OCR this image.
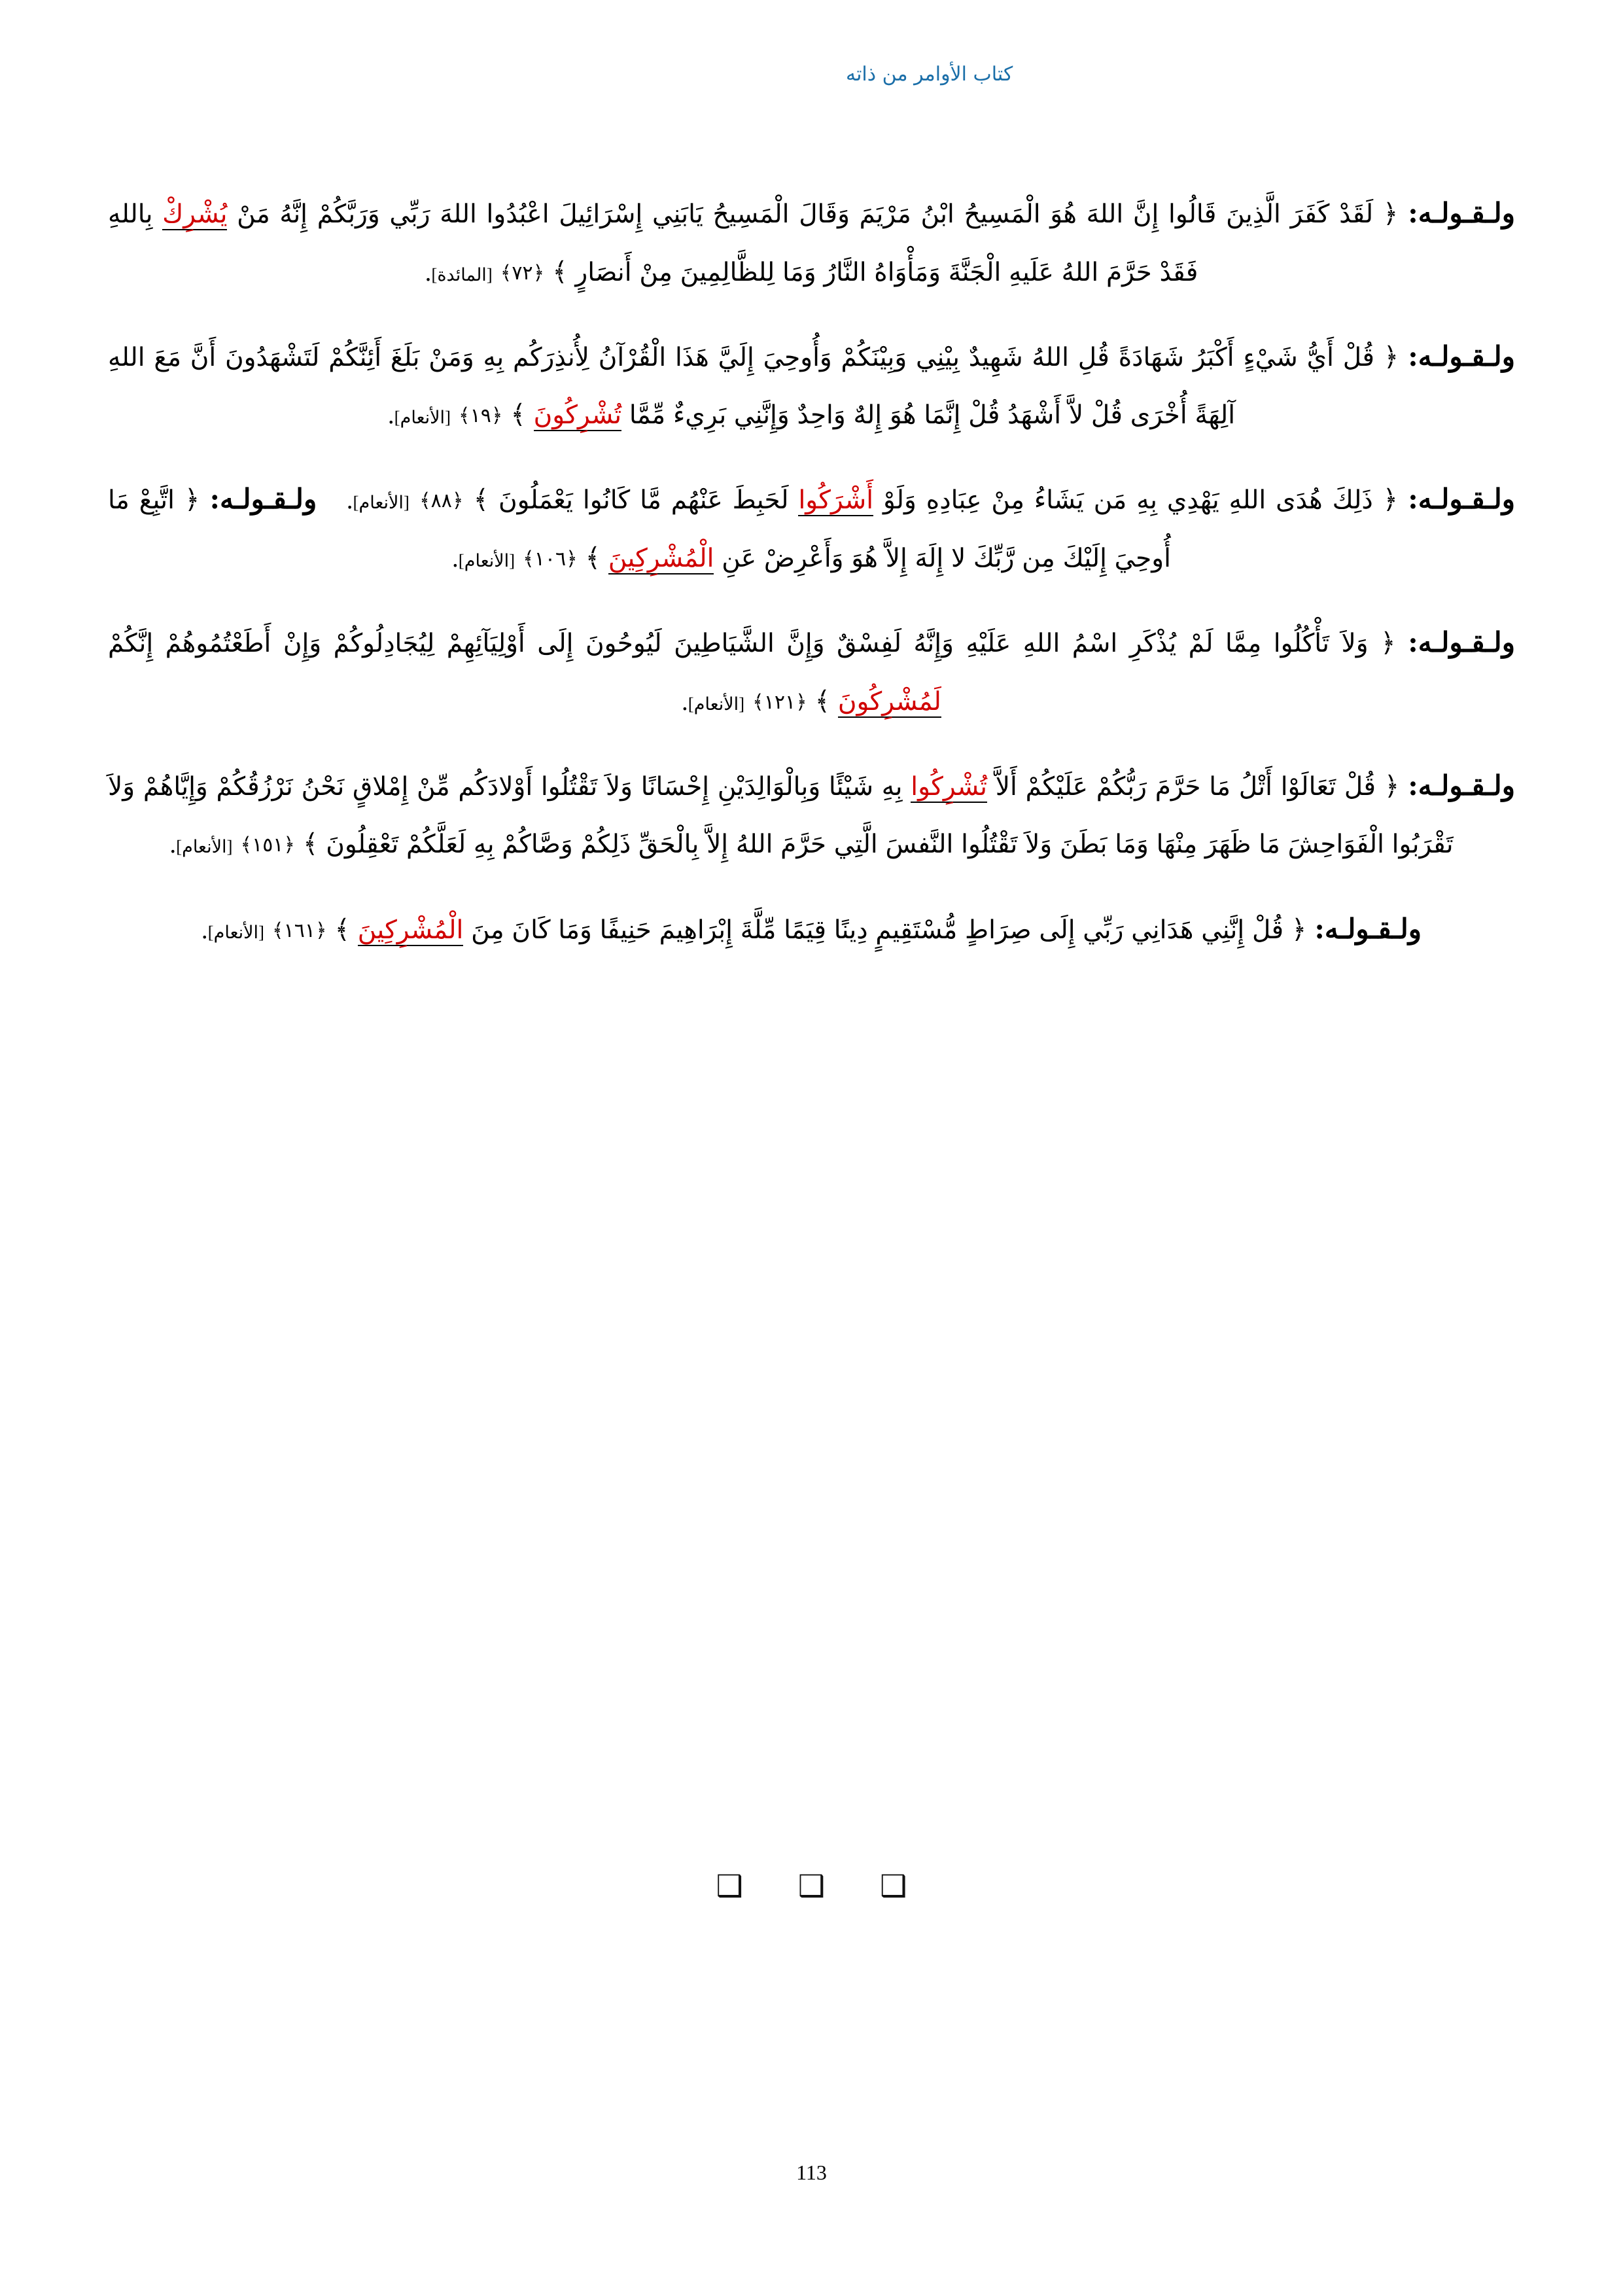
كتاب الأوامر من ذاته

ولـقـولـه: ﴿ لَقَدْ كَفَرَ الَّذِينَ قَالُوا إِنَّ اللهَ هُوَ الْمَسِيحُ ابْنُ مَرْيَمَ وَقَالَ الْمَسِيحُ يَابَنِي إِسْرَائِيلَ اعْبُدُوا اللهَ رَبِّي وَرَبَّكُمْ إِنَّهُ مَنْ يُشْرِكْ بِاللهِ فَقَدْ حَرَّمَ اللهُ عَلَيهِ الْجَنَّةَ وَمَأْوَاهُ النَّارُ وَمَا لِلظَّالِمِينَ مِنْ أَنصَارٍ ﴾ ﴿٧٢﴾ [المائدة].

ولـقـولـه: ﴿ قُلْ أَيُّ شَيْءٍ أَكْبَرُ شَهَادَةً قُلِ اللهُ شَهِيدٌ بِيْنِي وَبِيْنَكُمْ وَأُوحِيَ إِلَيَّ هَذَا الْقُرْآنُ لِأُنذِرَكُم بِهِ وَمَنْ بَلَغَ أَئِنَّكُمْ لَتَشْهَدُونَ أَنَّ مَعَ اللهِ آلِهَةً أُخْرَى قُلْ لاَّ أَشْهَدُ قُلْ إِنَّمَا هُوَ إِلهٌ وَاحِدٌ وَإِنَّنِي بَرِيءٌ مِّمَّا تُشْرِكُونَ ﴾ ﴿١٩﴾ [الأنعام].

ولـقـولـه: ﴿ ذَلِكَ هُدَى اللهِ يَهْدِي بِهِ مَن يَشَاءُ مِنْ عِبَادِهِ وَلَوْ أَشْرَكُوا لَحَبِطَ عَنْهُم مَّا كَانُوا يَعْمَلُونَ ﴾ ﴿٨٨﴾ [الأنعام].   ولـقـولـه: ﴿ اتَّبِعْ مَا أُوحِيَ إِلَيْكَ مِن رَّبِّكَ لا إِلَهَ إِلاَّ هُوَ وَأَعْرِضْ عَنِ الْمُشْرِكِينَ ﴾ ﴿١٠٦﴾ [الأنعام].

ولـقـولـه: ﴿ وَلاَ تَأْكُلُوا مِمَّا لَمْ يُذْكَرِ اسْمُ اللهِ عَلَيْهِ وَإِنَّهُ لَفِسْقٌ وَإِنَّ الشَّيَاطِينَ لَيُوحُونَ إِلَى أَوْلِيَآئِهِمْ لِيُجَادِلُوكُمْ وَإِنْ أَطَعْتُمُوهُمْ إِنَّكُمْ لَمُشْرِكُونَ ﴾ ﴿١٢١﴾ [الأنعام].

ولـقـولـه: ﴿ قُلْ تَعَالَوْا أَتْلُ مَا حَرَّمَ رَبُّكُمْ عَلَيْكُمْ أَلاَّ تُشْرِكُوا بِهِ شَيْئًا وَبِالْوَالِدَيْنِ إِحْسَانًا وَلاَ تَقْتُلُوا أَوْلادَكُم مِّنْ إِمْلاقٍ نَحْنُ نَرْزُقُكُمْ وَإِيَّاهُمْ وَلاَ تَقْرَبُوا الْفَوَاحِشَ مَا ظَهَرَ مِنْهَا وَمَا بَطَنَ وَلاَ تَقْتُلُوا النَّفسَ الَّتِي حَرَّمَ اللهُ إِلاَّ بِالْحَقِّ ذَلِكُمْ وَصَّاكُمْ بِهِ لَعَلَّكُمْ تَعْقِلُونَ ﴾ ﴿١٥١﴾ [الأنعام].

ولـقـولـه: ﴿ قُلْ إِنَّنِي هَدَانِي رَبِّي إِلَى صِرَاطٍ مُّسْتَقِيمٍ دِينًا قِيَمًا مِّلَّةَ إِبْرَاهِيمَ حَنِيفًا وَمَا كَانَ مِنَ الْمُشْرِكِينَ ﴾ ﴿١٦١﴾ [الأنعام].

❑ ❑ ❑
113
